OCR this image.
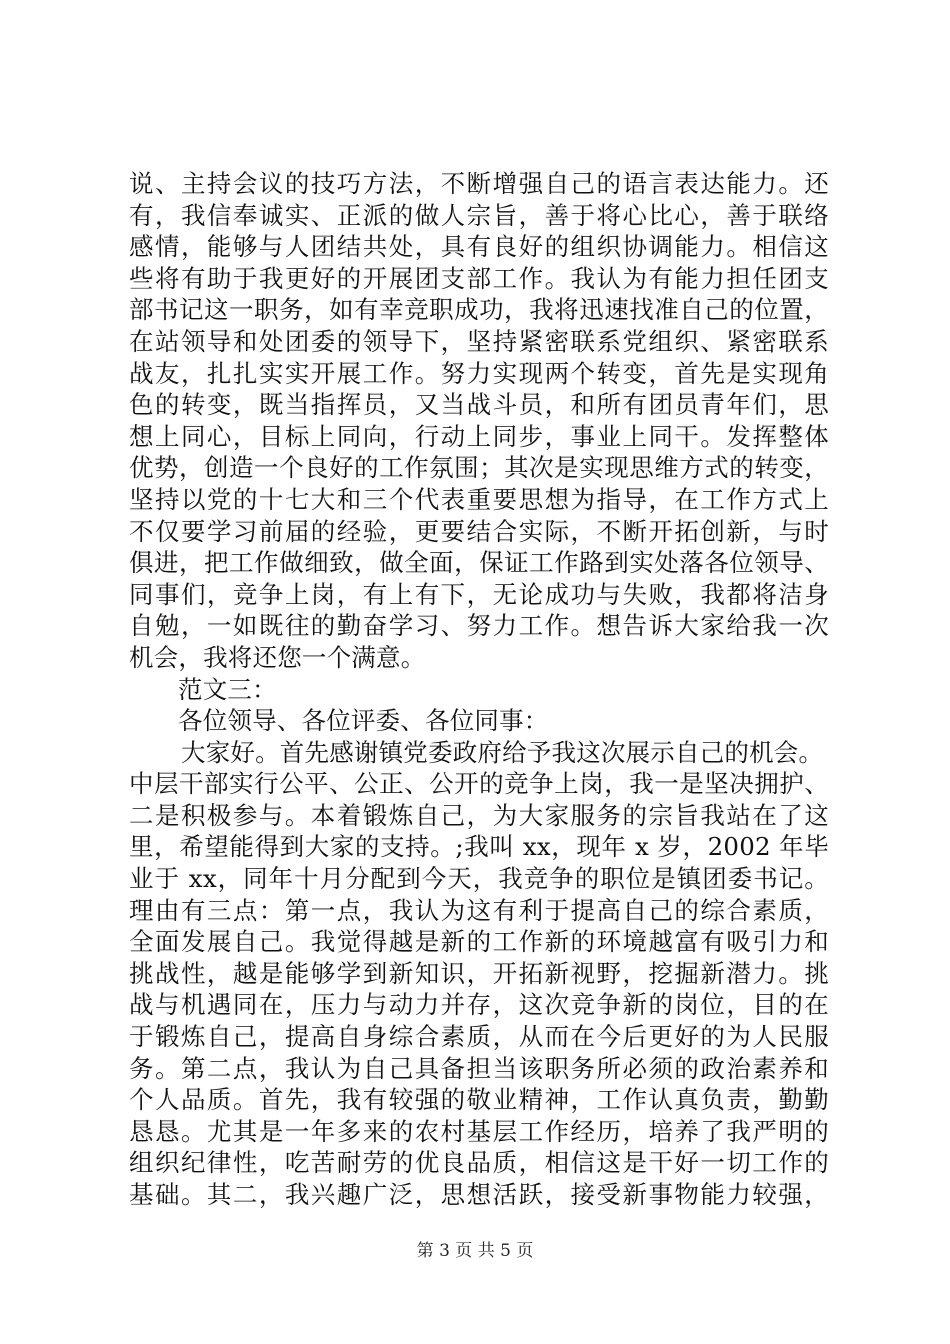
说、主持会议的技巧方法，不断增强自己的语言表达能力。还
有，我信奉诚实、正派的做人宗旨，善于将心比心，善于联络
感情，能够与人团结共处，具有良好的组织协调能力。相信这
些将有助于我更好的开展团支部工作。我认为有能力担任团支
部书记这一职务，如有幸竞职成功，我将迅速找准自己的位置，
在站领导和处团委的领导下，坚持紧密联系党组织、紧密联系
战友，扎扎实实开展工作。努力实现两个转变，首先是实现角
色的转变，既当指挥员，又当战斗员，和所有团员青年们，思
想上同心，目标上同向，行动上同步，事业上同干。发挥整体
优势，创造一个良好的工作氛围；其次是实现思维方式的转变，
坚持以党的十七大和三个代表重要思想为指导，在工作方式上
不仅要学习前届的经验，更要结合实际，不断开拓创新，与时
俱进，把工作做细致，做全面，保证工作路到实处落各位领导、
同事们，竞争上岗，有上有下，无论成功与失败，我都将洁身
自勉，一如既往的勤奋学习、努力工作。想告诉大家给我一次
机会，我将还您一个满意。
范文三：
各位领导、各位评委、各位同事：
大家好。首先感谢镇党委政府给予我这次展示自己的机会。
中层干部实行公平、公正、公开的竞争上岗，我一是坚决拥护、
二是积极参与。本着锻炼自己，为大家服务的宗旨我站在了这
里，希望能得到大家的支持。;我叫 xx，现年 x 岁，2002 年毕
业于 xx，同年十月分配到今天，我竞争的职位是镇团委书记。
理由有三点：第一点，我认为这有利于提高自己的综合素质，
全面发展自己。我觉得越是新的工作新的环境越富有吸引力和
挑战性，越是能够学到新知识，开拓新视野，挖掘新潜力。挑
战与机遇同在，压力与动力并存，这次竞争新的岗位，目的在
于锻炼自己，提高自身综合素质，从而在今后更好的为人民服
务。第二点，我认为自己具备担当该职务所必须的政治素养和
个人品质。首先，我有较强的敬业精神，工作认真负责，勤勤
恳恳。尤其是一年多来的农村基层工作经历，培养了我严明的
组织纪律性，吃苦耐劳的优良品质，相信这是干好一切工作的
基础。其二，我兴趣广泛，思想活跃，接受新事物能力较强，
第 3 页 共 5 页
